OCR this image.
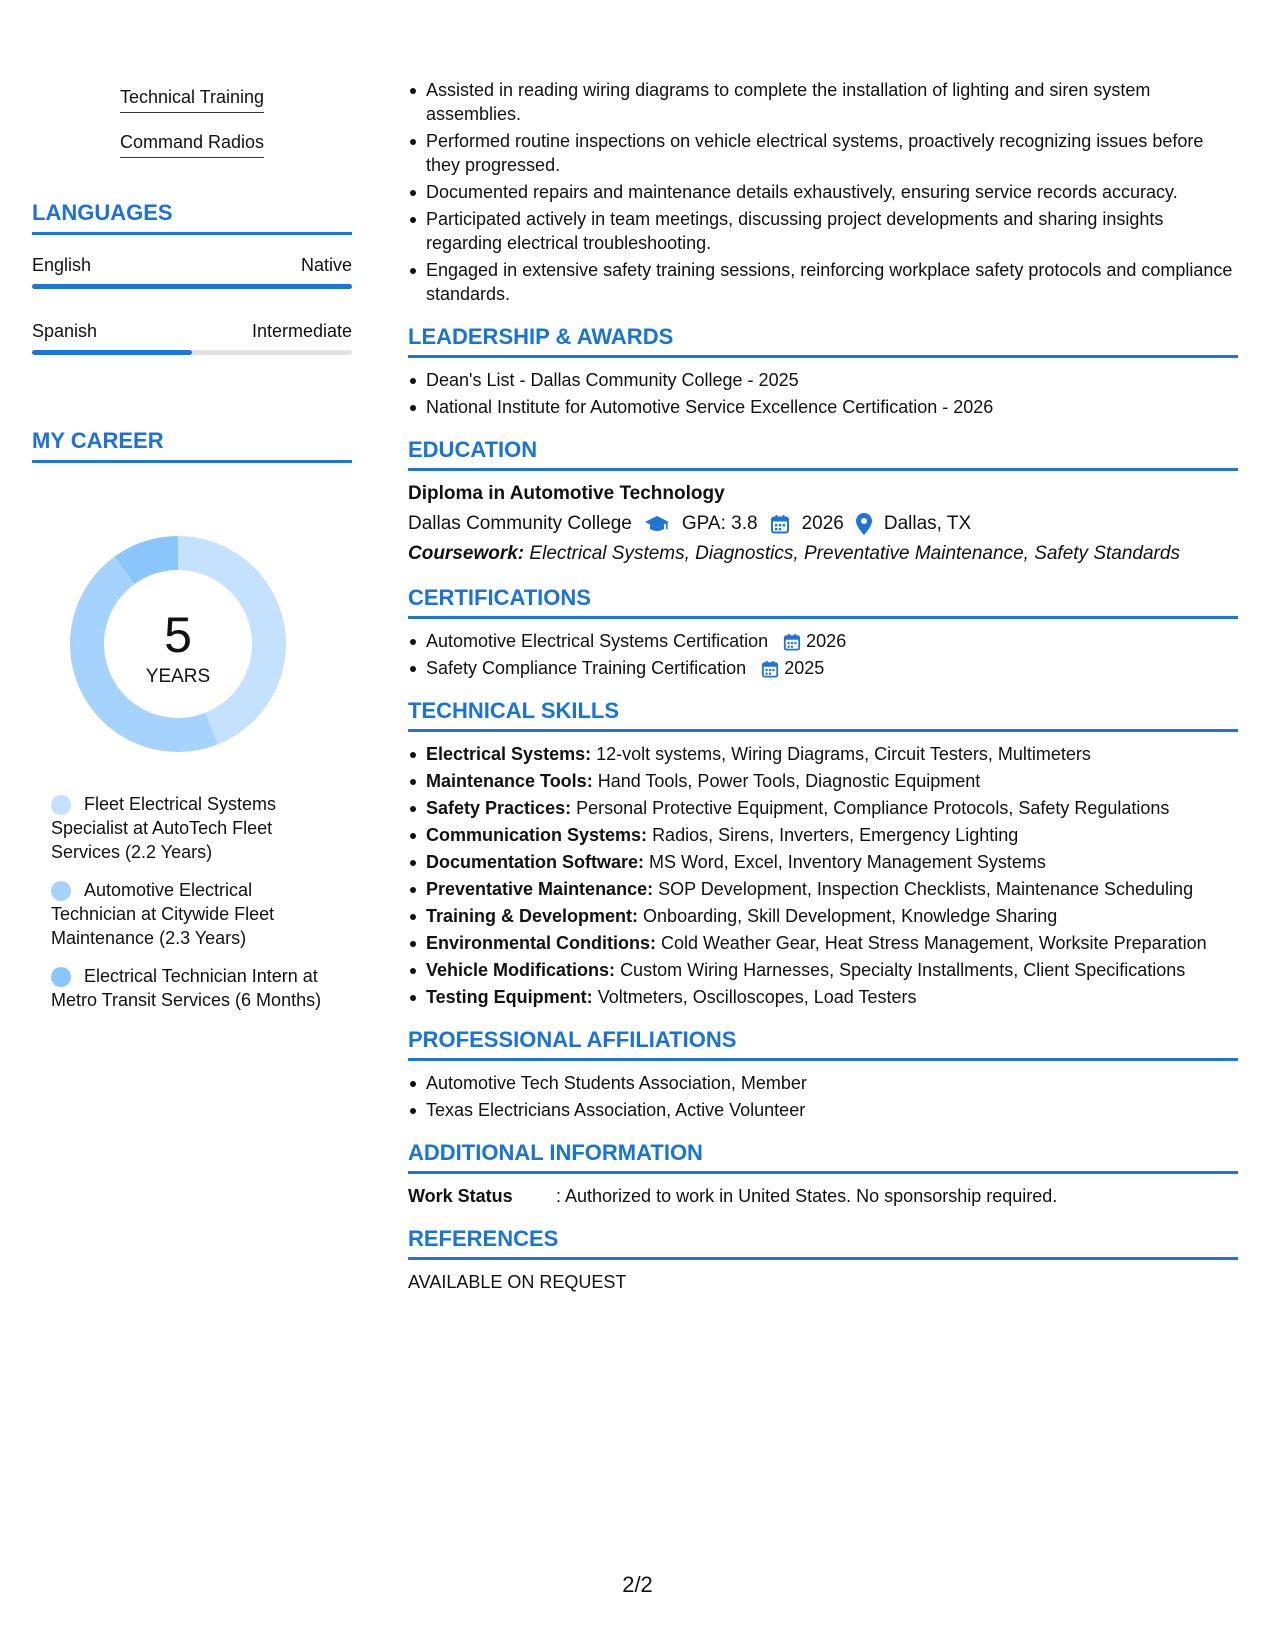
Technical Training
Command Radios
LANGUAGES
English	Native
Spanish	Intermediate
MY CAREER
5
YEARS
Fleet Electrical Systems Specialist at AutoTech Fleet Services (2.2 Years)
Automotive Electrical Technician at Citywide Fleet Maintenance (2.3 Years)
Electrical Technician Intern at Metro Transit Services (6 Months)
Assisted in reading wiring diagrams to complete the installation of lighting and siren system assemblies.
Performed routine inspections on vehicle electrical systems, proactively recognizing issues before they progressed.
Documented repairs and maintenance details exhaustively, ensuring service records accuracy.
Participated actively in team meetings, discussing project developments and sharing insights regarding electrical troubleshooting.
Engaged in extensive safety training sessions, reinforcing workplace safety protocols and compliance standards.
LEADERSHIP & AWARDS
Dean's List - Dallas Community College - 2025
National Institute for Automotive Service Excellence Certification - 2026
EDUCATION
Diploma in Automotive Technology
Dallas Community College	GPA: 3.8 2026 Dallas, TX
Coursework: Electrical Systems, Diagnostics, Preventative Maintenance, Safety Standards
CERTIFICATIONS
Automotive Electrical Systems Certification 2026
Safety Compliance Training Certification 2025
TECHNICAL SKILLS
Electrical Systems: 12-volt systems, Wiring Diagrams, Circuit Testers, Multimeters
Maintenance Tools: Hand Tools, Power Tools, Diagnostic Equipment
Safety Practices: Personal Protective Equipment, Compliance Protocols, Safety Regulations
Communication Systems: Radios, Sirens, Inverters, Emergency Lighting
Documentation Software: MS Word, Excel, Inventory Management Systems
Preventative Maintenance: SOP Development, Inspection Checklists, Maintenance Scheduling
Training & Development: Onboarding, Skill Development, Knowledge Sharing
Environmental Conditions: Cold Weather Gear, Heat Stress Management, Worksite Preparation
Vehicle Modifications: Custom Wiring Harnesses, Specialty Installments, Client Specifications
Testing Equipment: Voltmeters, Oscilloscopes, Load Testers
PROFESSIONAL AFFILIATIONS
Automotive Tech Students Association, Member
Texas Electricians Association, Active Volunteer
ADDITIONAL INFORMATION
Work Status	: Authorized to work in United States. No sponsorship required.
REFERENCES
AVAILABLE ON REQUEST
2/2
